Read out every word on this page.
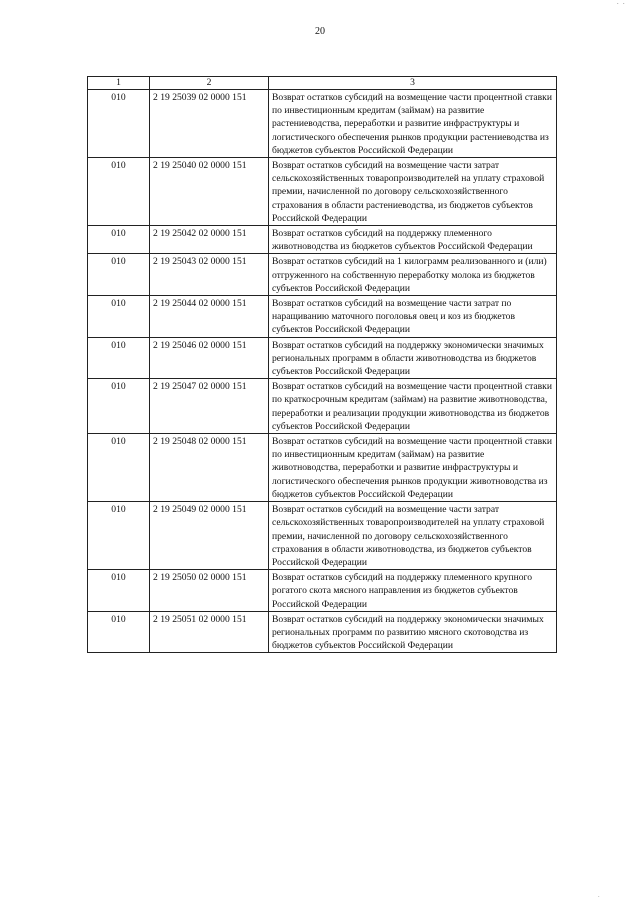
· ·
20
1	2	3
010	2 19 25039 02 0000 151	Возврат остатков субсидий на возмещение части процентной ставки по инвестиционным кредитам (займам) на развитие растениеводства, переработки и развитие инфраструктуры и логистического обеспечения рынков продукции растениеводства из бюджетов субъектов Российской Федерации
010	2 19 25040 02 0000 151	Возврат остатков субсидий на возмещение части затрат сельскохозяйственных товаропроизводителей на уплату страховой премии, начисленной по договору сельскохозяйственного страхования в области растениеводства, из бюджетов субъектов Российской Федерации
010	2 19 25042 02 0000 151	Возврат остатков субсидий на поддержку племенного животноводства из бюджетов субъектов Российской Федерации
010	2 19 25043 02 0000 151	Возврат остатков субсидий на 1 килограмм реализованного и (или) отгруженного на собственную переработку молока из бюджетов субъектов Российской Федерации
010	2 19 25044 02 0000 151	Возврат остатков субсидий на возмещение части затрат по наращиванию маточного поголовья овец и коз из бюджетов субъектов Российской Федерации
010	2 19 25046 02 0000 151	Возврат остатков субсидий на поддержку экономически значимых региональных программ в области животноводства из бюджетов субъектов Российской Федерации
010	2 19 25047 02 0000 151	Возврат остатков субсидий на возмещение части процентной ставки по краткосрочным кредитам (займам) на развитие животноводства, переработки и реализации продукции животноводства из бюджетов субъектов Российской Федерации
010	2 19 25048 02 0000 151	Возврат остатков субсидий на возмещение части процентной ставки по инвестиционным кредитам (займам) на развитие животноводства, переработки и развитие инфраструктуры и логистического обеспечения рынков продукции животноводства из бюджетов субъектов Российской Федерации
010	2 19 25049 02 0000 151	Возврат остатков субсидий на возмещение части затрат сельскохозяйственных товаропроизводителей на уплату страховой премии, начисленной по договору сельскохозяйственного страхования в области животноводства, из бюджетов субъектов Российской Федерации
010	2 19 25050 02 0000 151	Возврат остатков субсидий на поддержку племенного крупного рогатого скота мясного направления из бюджетов субъектов Российской Федерации
010	2 19 25051 02 0000 151	Возврат остатков субсидий на поддержку экономически значимых региональных программ по развитию мясного скотоводства из бюджетов субъектов Российской Федерации
·
